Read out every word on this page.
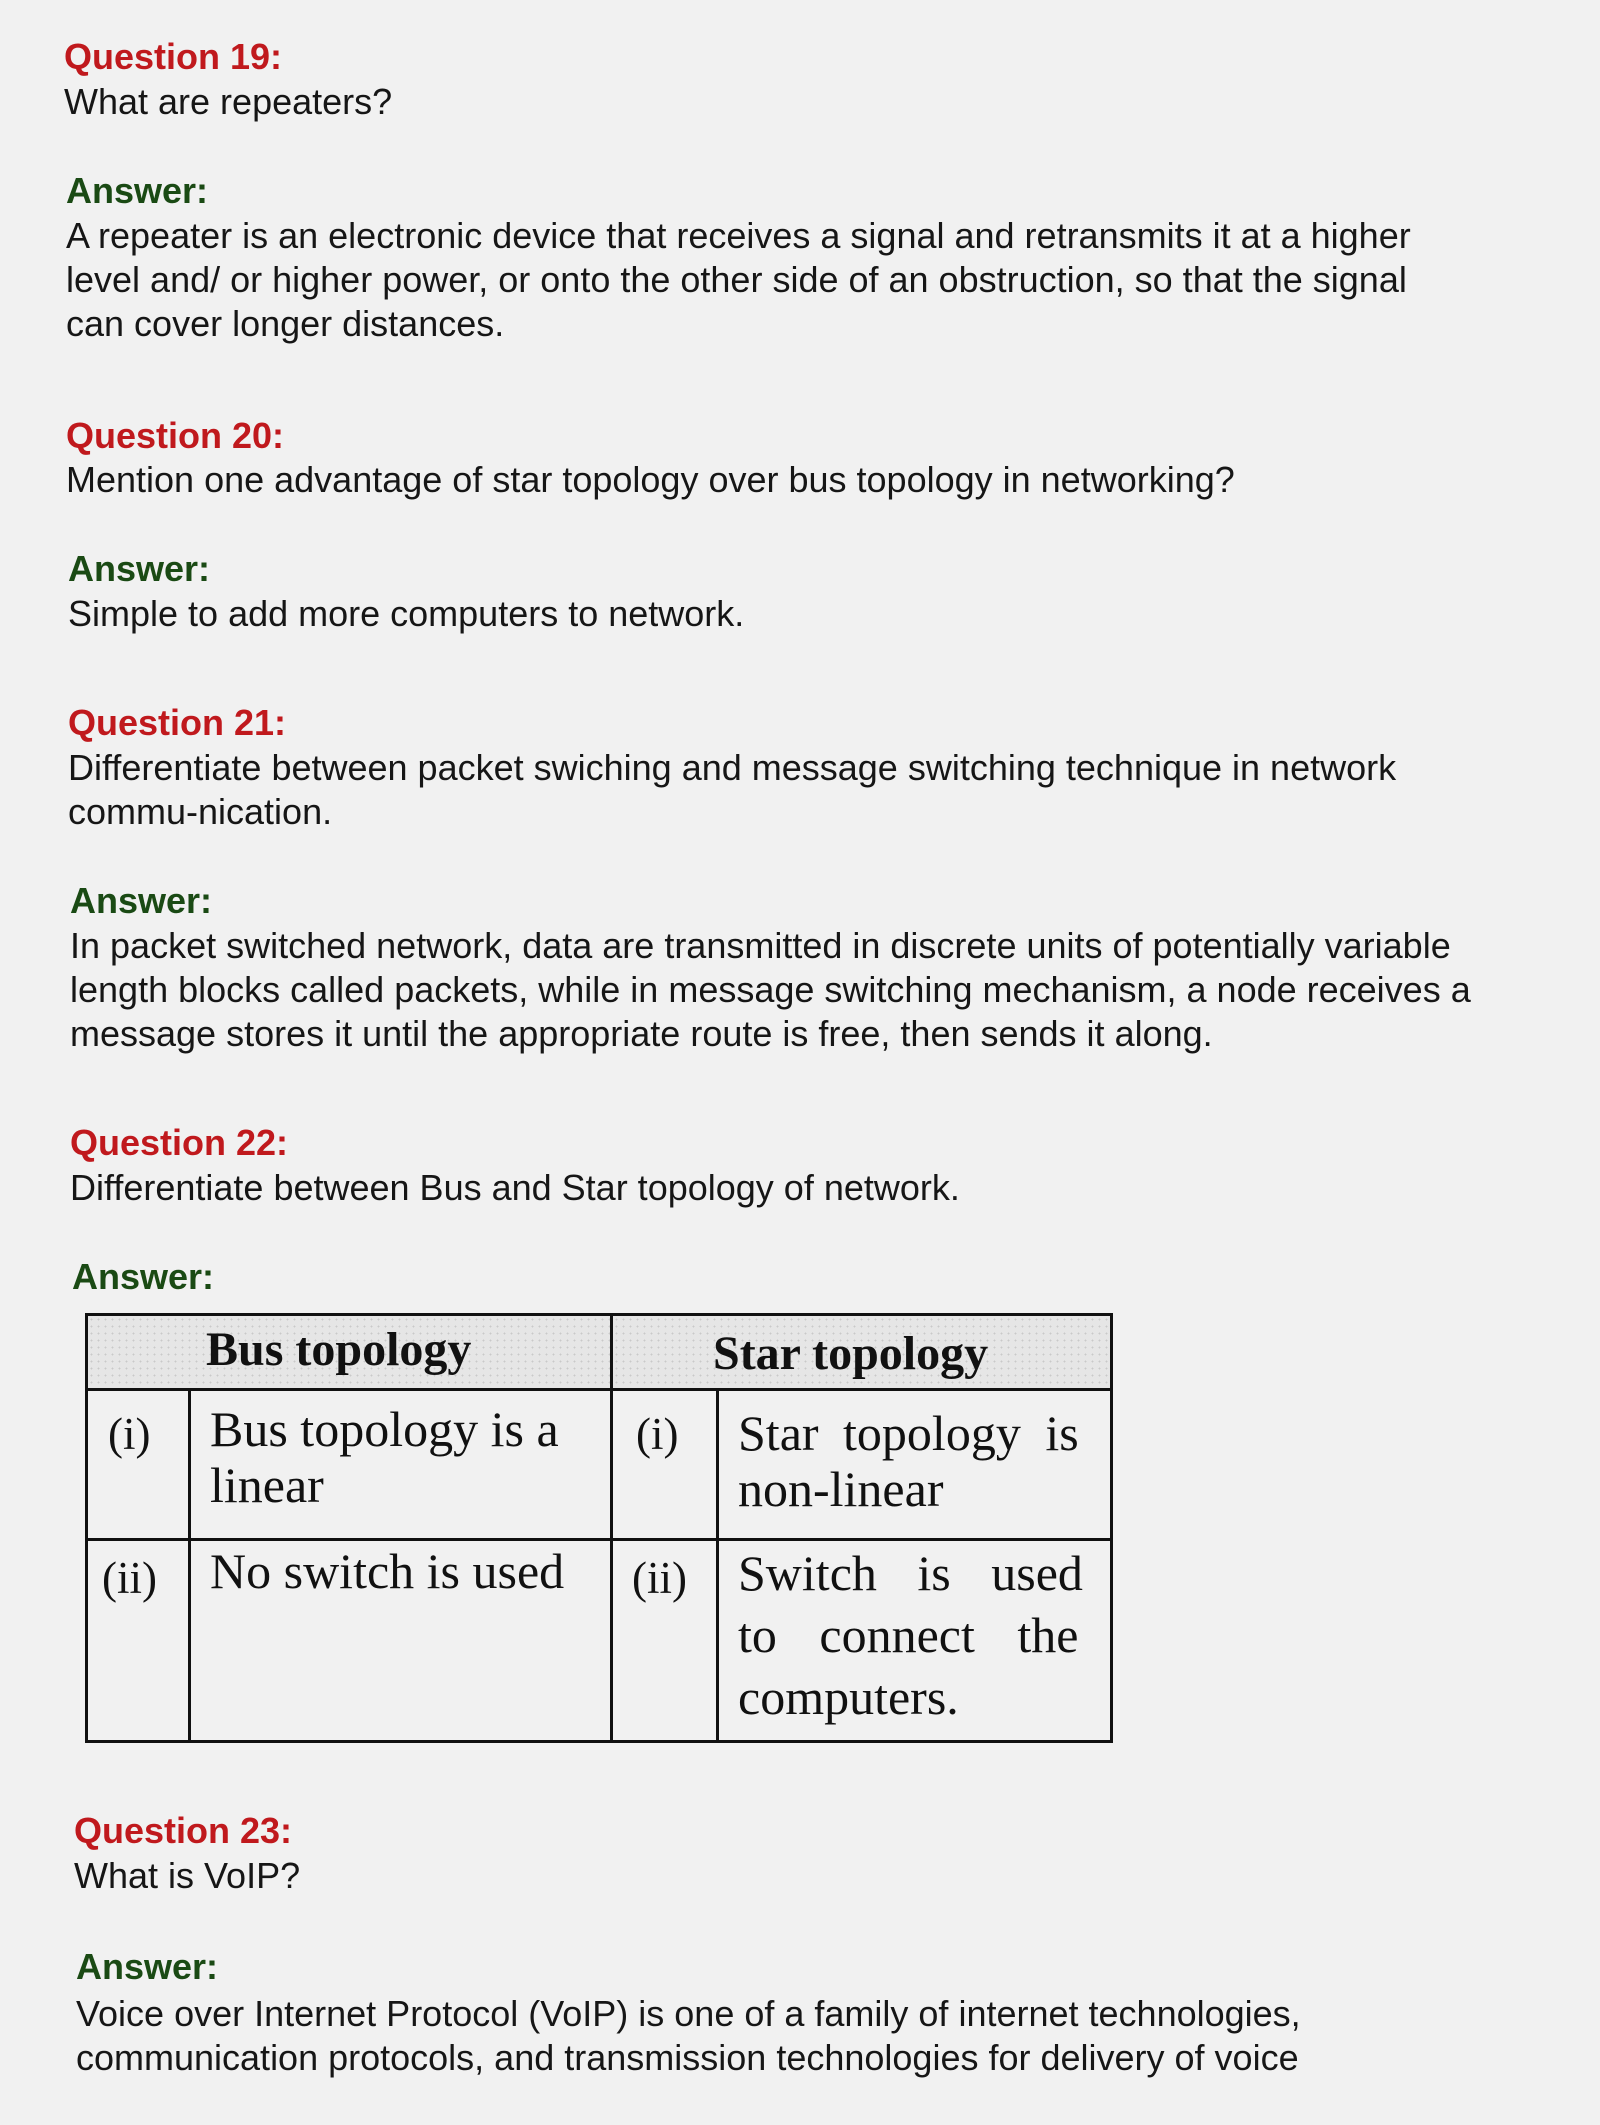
Question 19:
What are repeaters?
Answer:
A repeater is an electronic device that receives a signal and retransmits it at a higher
level and/ or higher power, or onto the other side of an obstruction, so that the signal
can cover longer distances.
Question 20:
Mention one advantage of star topology over bus topology in networking?
Answer:
Simple to add more computers to network.
Question 21:
Differentiate between packet swiching and message switching technique in network
commu-nication.
Answer:
In packet switched network, data are transmitted in discrete units of potentially variable
length blocks called packets, while in message switching mechanism, a node receives a
message stores it until the appropriate route is free, then sends it along.
Question 22:
Differentiate between Bus and Star topology of network.
Answer:
Bus topology	Star topology
(i) Bus topology is a
linear
(i) Star topology is
non-linear
(ii) No switch is used (ii) Switch is used
to connect the
computers.
Question 23:
What is VoIP?
Answer:
Voice over Internet Protocol (VoIP) is one of a family of internet technologies,
communication protocols, and transmission technologies for delivery of voice
